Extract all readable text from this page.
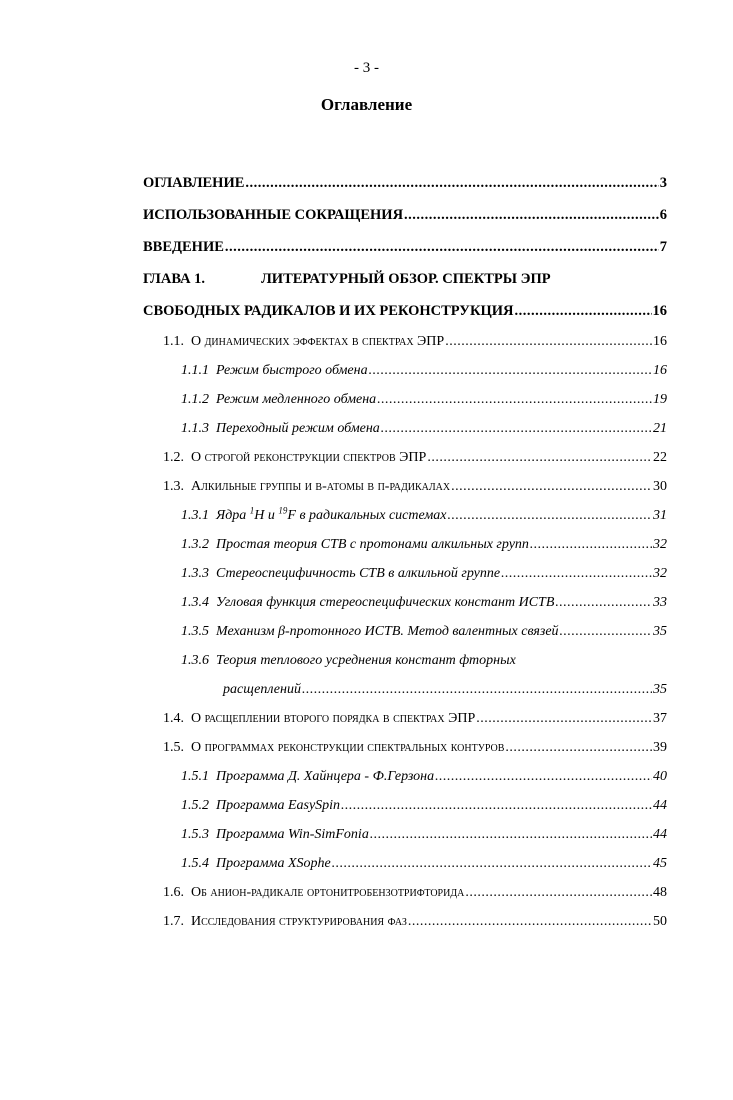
- 3 -
Оглавление
ОГЛАВЛЕНИЕ .....	3
ИСПОЛЬЗОВАННЫЕ СОКРАЩЕНИЯ .....	6
ВВЕДЕНИЕ .....	7
ГЛАВА 1.	ЛИТЕРАТУРНЫЙ ОБЗОР. СПЕКТРЫ ЭПР
СВОБОДНЫХ РАДИКАЛОВ И ИХ РЕКОНСТРУКЦИЯ .....	16
1.1. О динамических эффектах в спектрах ЭПР .....	16
1.1.1 Режим быстрого обмена .....	16
1.1.2 Режим медленного обмена .....	19
1.1.3 Переходный режим обмена .....	21
1.2. О строгой реконструкции спектров ЭПР .....	22
1.3. Алкильные группы и в-атомы в п-радикалах .....	30
1.3.1 Ядра $^1$H и $^{19}$F в радикальных системах .....	31
1.3.2 Простая теория СТВ с протонами алкильных групп .....	32
1.3.3 Стереоспецифичность СТВ в алкильной группе .....	32
1.3.4 Угловая функция стереоспецифических констант ИСТВ .....	33
1.3.5 Механизм β-протонного ИСТВ. Метод валентных связей .....	35
1.3.6 Теория теплового усреднения констант фторных
расщеплений .....	35
1.4. О расщеплении второго порядка в спектрах ЭПР .....	37
1.5. О программах реконструкции спектральных контуров .....	39
1.5.1 Программа Д. Хайнцера - Ф.Герзона .....	40
1.5.2 Программа EasySpin .....	44
1.5.3 Программа Win-SimFonia .....	44
1.5.4 Программа XSophe .....	45
1.6. Об анион-радикале ортонитробензотрифторида .....	48
1.7. Исследования структурирования фаз .....	50
